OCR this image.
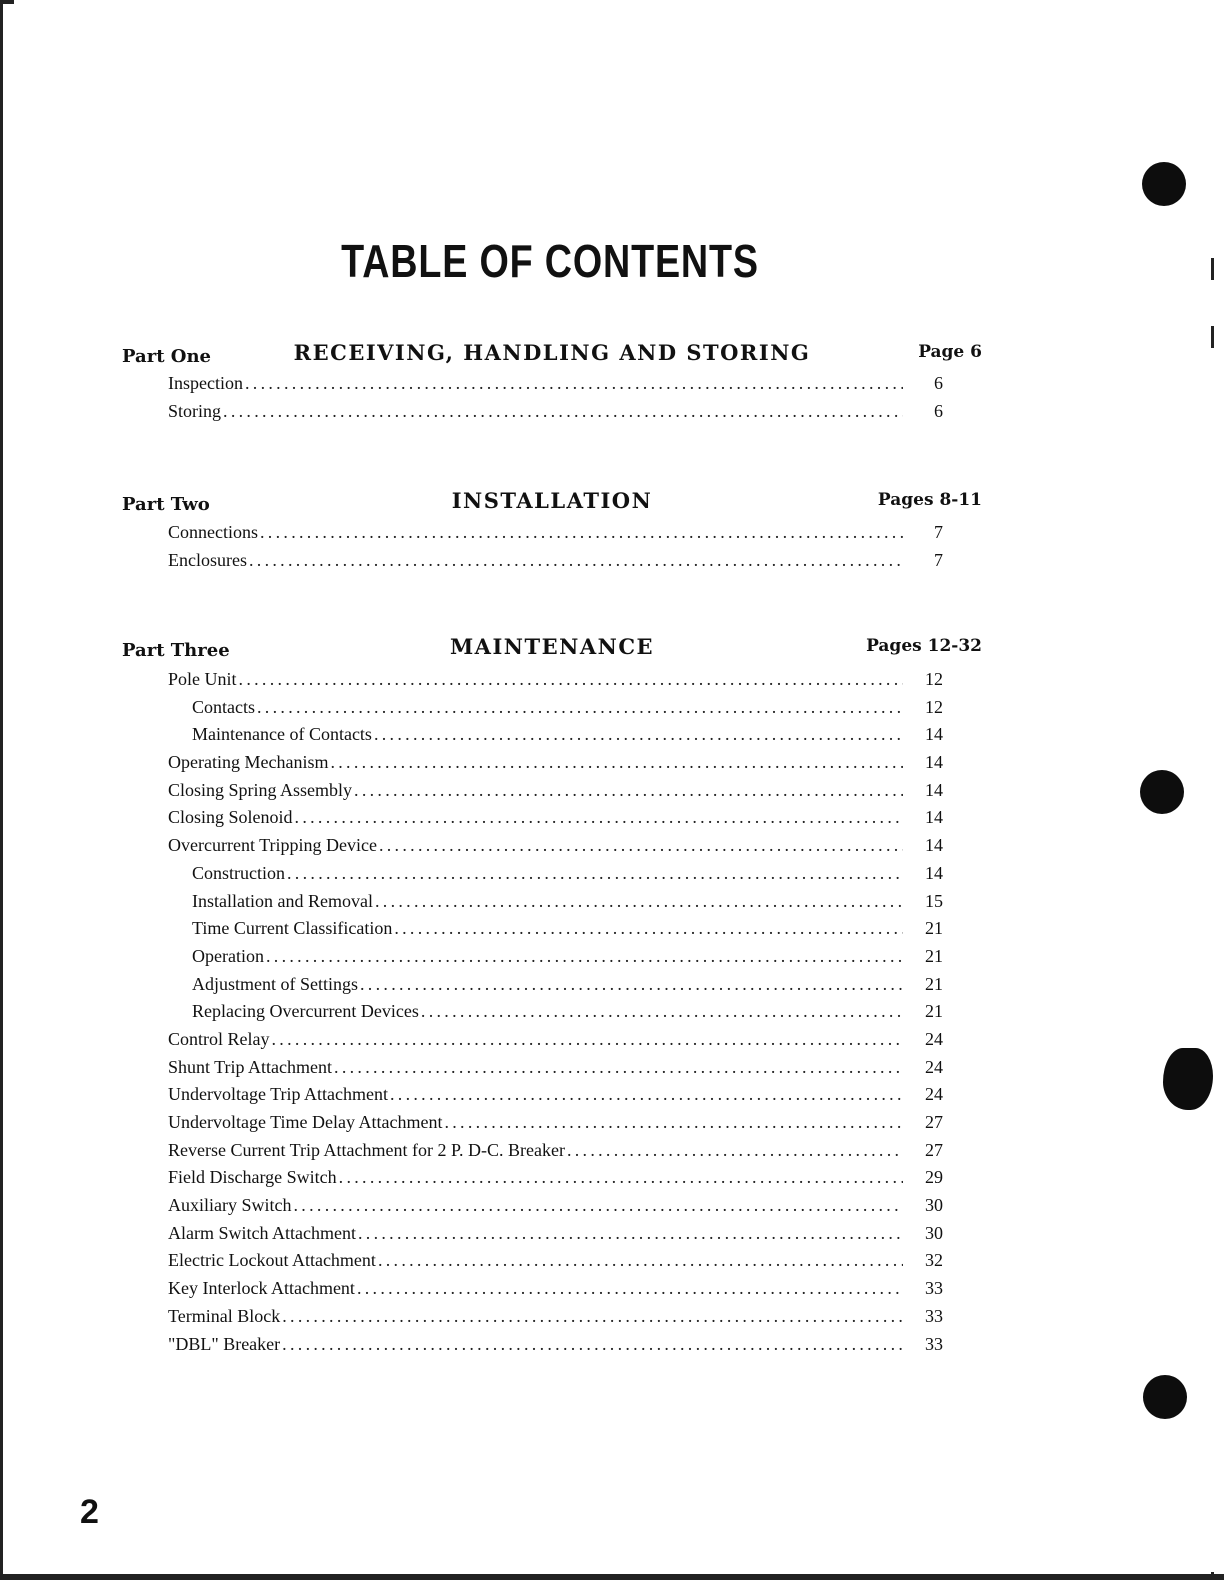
TABLE OF CONTENTS
Part One	RECEIVING, HANDLING AND STORING	Page 6
Inspection .....	6
Storing .....	6
Part Two	INSTALLATION	Pages 8-11
Connections .....	7
Enclosures .....	7
Part Three	MAINTENANCE	Pages 12-32
Pole Unit .....	12
Contacts .....	12
Maintenance of Contacts .....	14
Operating Mechanism .....	14
Closing Spring Assembly .....	14
Closing Solenoid .....	14
Overcurrent Tripping Device .....	14
Construction .....	14
Installation and Removal .....	15
Time Current Classification .....	21
Operation .....	21
Adjustment of Settings .....	21
Replacing Overcurrent Devices .....	21
Control Relay .....	24
Shunt Trip Attachment .....	24
Undervoltage Trip Attachment .....	24
Undervoltage Time Delay Attachment .....	27
Reverse Current Trip Attachment for 2 P. D-C. Breaker .....	27
Field Discharge Switch .....	29
Auxiliary Switch .....	30
Alarm Switch Attachment .....	30
Electric Lockout Attachment .....	32
Key Interlock Attachment .....	33
Terminal Block .....	33
"DBL" Breaker .....	33
2
